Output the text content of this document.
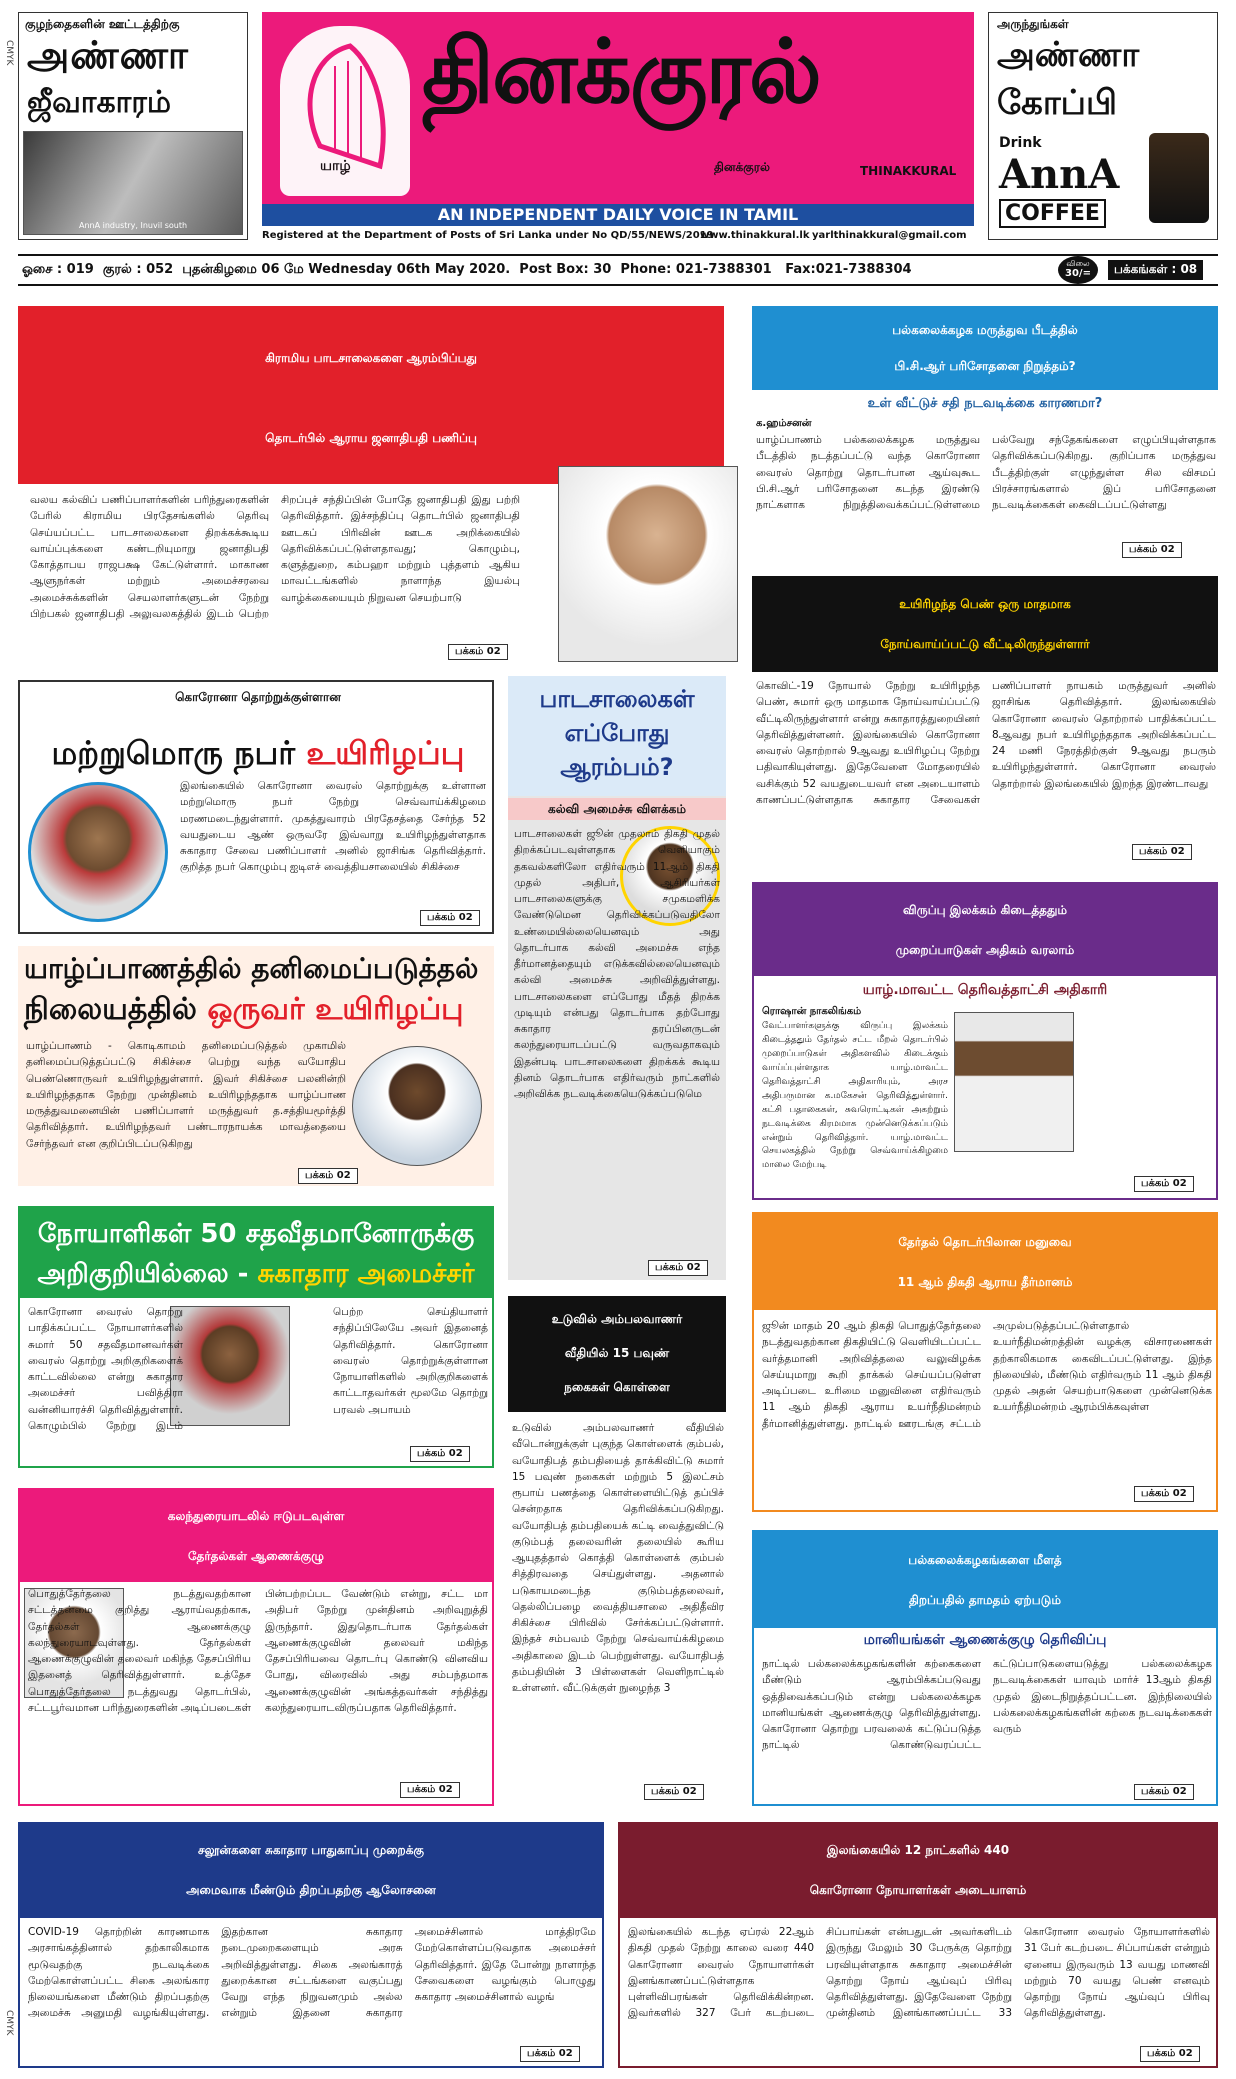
CMYK
CMYK
குழந்தைகளின் ஊட்டத்திற்கு
அண்ணா
ஜீவாகாரம்
AnnA industry, Inuvil south
யாழ்
தினக்குரல்
தினக்குரல்	THINAKKURAL
AN INDEPENDENT DAILY VOICE IN TAMIL
Registered at the Department of Posts of Sri Lanka under No QD/55/NEWS/2019
www.thinakkural.lk yarlthinakkural@gmail.com
அருந்துங்கள்
அண்ணா
கோப்பி
Drink
AnnA
COFFEE
ஓசை : 019  குரல் : 052  புதன்கிழமை 06 மே Wednesday 06th May 2020.  Post Box: 30  Phone: 021-7388301   Fax:021-7388304	விலை
30/=	பக்கங்கள் : 08
கிராமிய பாடசாலைகளை ஆரம்பிப்பது
தொடர்பில் ஆராய ஜனாதிபதி பணிப்பு
வலய கல்விப் பணிப்பாளர்களின் பரிந்துரைகளின் பேரில் கிராமிய பிரதேசங்களில் தெரிவு செய்யப்பட்ட பாடசாலைகளை திறக்கக்கூடிய வாய்ப்புக்களை கண்டறியுமாறு ஜனாதிபதி கோத்தாபய ராஜபக்ஷ கேட்டுள்ளார். மாகாண ஆளுநர்கள் மற்றும் அமைச்சரவை அமைச்சுக்களின் செயலாளர்களுடன் நேற்று பிற்பகல் ஜனாதிபதி அலுவலகத்தில் இடம் பெற்ற சிறப்புச் சந்திப்பின் போதே ஜனாதிபதி இது பற்றி தெரிவித்தார். இச்சந்திப்பு தொடர்பில் ஜனாதிபதி ஊடகப் பிரிவின் ஊடக அறிக்கையில் தெரிவிக்கப்பட்டுள்ளதாவது; கொழும்பு, களுத்துறை, கம்பஹா மற்றும் புத்தளம் ஆகிய மாவட்டங்களில் நாளாந்த இயல்பு வாழ்க்கையையும் நிறுவன செயற்பாடு
பக்கம் 02
பல்கலைக்கழக மருத்துவ பீடத்தில்
பி.சி.ஆர் பரிசோதனை நிறுத்தம்?
உள் வீட்டுச் சதி நடவடிக்கை காரணமா?
க.ஹம்சனன்
யாழ்ப்பாணம் பல்கலைக்கழக மருத்துவ பீடத்தில் நடத்தப்பட்டு வந்த கொரோனா வைரஸ் தொற்று தொடர்பான ஆய்வுகூட பி.சி.ஆர் பரிசோதனை கடந்த இரண்டு நாட்களாக நிறுத்திவைக்கப்பட்டுள்ளமை பல்வேறு சந்தேகங்களை எழுப்பியுள்ளதாக தெரிவிக்கப்படுகிறது. குறிப்பாக மருத்துவ பீடத்திற்குள் எழுந்துள்ள சில விசமப் பிரச்சாரங்களால் இப் பரிசோதனை நடவடிக்கைகள் கைவிடப்பட்டுள்ளது
பக்கம் 02
உயிரிழந்த பெண் ஒரு மாதமாக
நோய்வாய்ப்பட்டு வீட்டிலிருந்துள்ளார்
கொவிட்-19 நோயால் நேற்று உயிரிழந்த பெண், சுமார் ஒரு மாதமாக நோய்வாய்ப்பட்டு வீட்டிலிருந்துள்ளார் என்று சுகாதாரத்துறையினர் தெரிவித்துள்ளனர். இலங்கையில் கொரோனா வைரஸ் தொற்றால் 9ஆவது உயிரிழப்பு நேற்று பதிவாகியுள்ளது. இதேவேளை மோதரையில் வசிக்கும் 52 வயதுடையவர் என அடையாளம் காணப்பட்டுள்ளதாக சுகாதார சேவைகள் பணிப்பாளர் நாயகம் மருத்துவர் அனில் ஜாசிங்க தெரிவித்தார். இலங்கையில் கொரோனா வைரஸ் தொற்றால் பாதிக்கப்பட்ட 8ஆவது நபர் உயிரிழந்ததாக அறிவிக்கப்பட்ட 24 மணி நேரத்திற்குள் 9ஆவது நபரும் உயிரிழந்துள்ளார். கொரோனா வைரஸ் தொற்றால் இலங்கையில் இறந்த இரண்டாவது
பக்கம் 02
கொரோனா தொற்றுக்குள்ளான
மற்றுமொரு நபர் உயிரிழப்பு
இலங்கையில் கொரோனா வைரஸ் தொற்றுக்கு உள்ளான மற்றுமொரு நபர் நேற்று செவ்வாய்க்கிழமை மரணமடைந்துள்ளார். முகத்துவாரம் பிரதேசத்தை சேர்ந்த 52 வயதுடைய ஆண் ஒருவரே இவ்வாறு உயிரிழந்துள்ளதாக சுகாதார சேவை பணிப்பாளர் அனில் ஜாசிங்க தெரிவித்தார். குறித்த நபர் கொழும்பு ஐடிஎச் வைத்தியசாலையில் சிகிச்சை
பக்கம் 02
பாடசாலைகள்
எப்போது
ஆரம்பம்?
கல்வி அமைச்சு விளக்கம்
பாடசாலைகள் ஜூன் முதலாம் திகதி முதல் திறக்கப்படவுள்ளதாக வெளியாகும் தகவல்களிலோ எதிர்வரும் 11ஆம் திகதி முதல் அதிபர், ஆசிரியர்கள் பாடசாலைகளுக்கு சமுகமளிக்க வேண்டுமென தெரிவிக்கப்படுவதிலோ உண்மையில்லையெனவும் அது தொடர்பாக கல்வி அமைச்சு எந்த தீர்மானத்தையும் எடுக்கவில்லையெனவும் கல்வி அமைச்சு அறிவித்துள்ளது. பாடசாலைகளை எப்போது மீதத் திறக்க முடியும் என்பது தொடர்பாக தற்போது சுகாதார தரப்பினருடன் கலந்துரையாடப்பட்டு வருவதாகவும் இதன்படி பாடசாலைகளை திறக்கக் கூடிய தினம் தொடர்பாக எதிர்வரும் நாட்களில் அறிவிக்க நடவடிக்கையெடுக்கப்படுமெ
பக்கம் 02
விருப்பு இலக்கம் கிடைத்ததும்
முறைப்பாடுகள் அதிகம் வரலாம்
யாழ்.மாவட்ட தெரிவத்தாட்சி அதிகாரி
ரொஷான் நாகலிங்கம்
வேட்பாளர்களுக்கு விருப்பு இலக்கம் கிடைத்ததும் தேர்தல் சட்ட மீறல் தொடர்பில் முறைப்பாடுகள் அதிகளவில் கிடைக்கும் வாய்ப்புள்ளதாக யாழ்.மாவட்ட தெரிவத்தாட்சி அதிகாரியும், அரச அதிபருமான க.மகேசன் தெரிவித்துள்ளார். கட்சி பதாகைகள், சுவரொட்டிகள் அகற்றும் நடவடிக்கை கிரமமாக முன்னெடுக்கப்படும் என்றும் தெரிவித்தார். யாழ்.மாவட்ட செயலகத்தில் நேற்று செவ்வாய்க்கிழமை மாலை மேற்படி
பக்கம் 02
யாழ்ப்பாணத்தில் தனிமைப்படுத்தல்
நிலையத்தில் ஒருவர் உயிரிழப்பு
யாழ்ப்பாணம் - கொடிகாமம் தனிமைப்படுத்தல் முகாமில் தனிமைப்படுத்தப்பட்டு சிகிச்சை பெற்று வந்த வயோதிப பெண்ணொருவர் உயிரிழந்துள்ளார். இவர் சிகிச்சை பலனின்றி உயிரிழந்ததாக நேற்று முன்தினம் உயிரிழந்ததாக யாழ்ப்பாண மருத்துவமனையின் பணிப்பாளர் மருத்துவர் த.சத்தியமூர்த்தி தெரிவித்தார். உயிரிழந்தவர் பண்டாரநாயக்க மாவத்தையை சேர்ந்தவர் என குறிப்பிடப்படுகிறது
பக்கம் 02
தேர்தல் தொடர்பிலான மனுவை
11 ஆம் திகதி ஆராய தீர்மானம்
ஜூன் மாதம் 20 ஆம் திகதி பொதுத்தேர்தலை நடத்துவதற்கான திகதியிட்டு வெளியிடப்பட்ட வர்த்தமானி அறிவித்தலை வலுவிழக்க செய்யுமாறு கூறி தாக்கல் செய்யப்படுள்ள அடிப்படை உரிமை மனுவினை எதிர்வரும் 11 ஆம் திகதி ஆராய உயர்நீதிமன்றம் தீர்மானித்துள்ளது. நாட்டில் ஊரடங்கு சட்டம் அமுல்படுத்தப்பட்டுள்ளதால் உயர்நீதிமன்றத்தின் வழக்கு விசாரணைகள் தற்காலிகமாக கைவிடப்பட்டுள்ளது. இந்த நிலையில், மீண்டும் எதிர்வரும் 11 ஆம் திகதி முதல் அதன் செயற்பாடுகளை முன்னெடுக்க உயர்நீதிமன்றம் ஆரம்பிக்கவுள்ள
பக்கம் 02
நோயாளிகள் 50 சதவீதமானோருக்கு
அறிகுறியில்லை - சுகாதார அமைச்சர்
கொரோனா வைரஸ் தொற்று பாதிக்கப்பட்ட நோயாளர்களில் சுமார் 50 சதவீதமானவர்கள் வைரஸ் தொற்று அறிகுறிகளைக் காட்டவில்லை என்று சுகாதார அமைச்சர் பவித்திரா வன்னியாரச்சி தெரிவித்துள்ளார். கொழும்பில் நேற்று இடம் பெற்ற செய்தியாளர் சந்திப்பிலேயே அவர் இதனைத் தெரிவித்தார். கொரோனா வைரஸ் தொற்றுக்குள்ளான நோயாளிகளில் அறிகுறிகளைக் காட்டாதவர்கள் மூலமே தொற்று பரவல் அபாயம்
பக்கம் 02
உடுவில் அம்பலவாணர்
வீதியில் 15 பவுண்
நகைகள் கொள்ளை
உடுவில் அம்பலவாணர் வீதியில் வீடொன்றுக்குள் புகுந்த கொள்ளைக் கும்பல், வயோதிபத் தம்பதியைத் தாக்கிவிட்டு சுமார் 15 பவுண் நகைகள் மற்றும் 5 இலட்சம் ரூபாய் பணத்தை கொள்ளையிட்டுத் தப்பிச் சென்றதாக தெரிவிக்கப்படுகிறது. வயோதிபத் தம்பதியைக் கட்டி வைத்துவிட்டு குடும்பத் தலைவரின் தலையில் கூரிய ஆயுதத்தால் கொத்தி கொள்ளைக் கும்பல் சித்திரவதை செய்துள்ளது. அதனால் படுகாயமடைந்த குடும்பத்தலைவர், தெல்லிப்பழை வைத்தியசாலை அதிதீவிர சிகிச்சை பிரிவில் சேர்க்கப்பட்டுள்ளார். இந்தச் சம்பவம் நேற்று செவ்வாய்க்கிழமை அதிகாலை இடம் பெற்றுள்ளது. வயோதிபத் தம்பதியின் 3 பிள்ளைகள் வெளிநாட்டில் உள்ளனர். வீட்டுக்குள் நுழைந்த 3
பக்கம் 02
கலந்துரையாடலில் ஈடுபடவுள்ள
தேர்தல்கள் ஆணைக்குழு
பொதுத்தேர்தலை நடத்துவதற்கான சட்டத்தன்மை குறித்து ஆராய்வதற்காக, தேர்தல்கள் ஆணைக்குழு கலந்துரையாடவுள்ளது. தேர்தல்கள் ஆணைக்குழுவின் தலைவர் மகிந்த தேசப்பிரிய இதனைத் தெரிவித்துள்ளார். உத்தேச பொதுத்தேர்தலை நடத்துவது தொடர்பில், சட்டபூர்வமான பரிந்துரைகளின் அடிப்படைகள் பின்பற்றப்பட வேண்டும் என்று, சட்ட மா அதிபர் நேற்று முன்தினம் அறிவுறுத்தி இருந்தார். இதுதொடர்பாக தேர்தல்கள் ஆணைக்குழுவின் தலைவர் மகிந்த தேசப்பிரியவை தொடர்பு கொண்டு வினவிய போது, விரைவில் அது சம்பந்தமாக ஆணைக்குழுவின் அங்கத்தவர்கள் சந்தித்து கலந்துரையாடவிருப்பதாக தெரிவித்தார்.
பக்கம் 02
பல்கலைக்கழகங்களை மீளத்
திறப்பதில் தாமதம் ஏற்படும்
மானியங்கள் ஆணைக்குழு தெரிவிப்பு
நாட்டில் பல்கலைக்கழகங்களின் கற்கைகளை மீண்டும் ஆரம்பிக்கப்படுவது ஒத்திவைக்கப்படும் என்று பல்கலைக்கழக மானியங்கள் ஆணைக்குழு தெரிவித்துள்ளது. கொரோனா தொற்று பரவலைக் கட்டுப்படுத்த நாட்டில் கொண்டுவரப்பட்ட கட்டுப்பாடுகளையடுத்து பல்கலைக்கழக நடவடிக்கைகள் யாவும் மார்ச் 13ஆம் திகதி முதல் இடைநிறுத்தப்பட்டன. இந்நிலையில் பல்கலைக்கழகங்களின் கற்கை நடவடிக்கைகள் வரும்
பக்கம் 02
சலூன்களை சுகாதார பாதுகாப்பு முறைக்கு
அமைவாக மீண்டும் திறப்பதற்கு ஆலோசனை
COVID-19 தொற்றின் காரணமாக அரசாங்கத்தினால் தற்காலிகமாக மூடுவதற்கு நடவடிக்கை மேற்கொள்ளப்பட்ட சிகை அலங்கார நிலையங்களை மீண்டும் திறப்பதற்கு அமைச்சு அனுமதி வழங்கியுள்ளது. இதற்கான சுகாதார நடைமுறைகளையும் அரசு அறிவித்துள்ளது. சிகை அலங்காரத் துறைக்கான சட்டங்களை வகுப்பது வேறு எந்த நிறுவனமும் அல்ல என்றும் இதனை சுகாதார அமைச்சினால் மாத்திரமே மேற்கொள்ளப்படுவதாக அமைச்சர் தெரிவித்தார். இதே போன்று நாளாந்த சேவைகளை வழங்கும் பொழுது சுகாதார அமைச்சினால் வழங்
பக்கம் 02
இலங்கையில் 12 நாட்களில் 440
கொரோனா நோயாளர்கள் அடையாளம்
இலங்கையில் கடந்த ஏப்ரல் 22ஆம் திகதி முதல் நேற்று காலை வரை 440 கொரோனா வைரஸ் நோயாளர்கள் இனங்காணப்பட்டுள்ளதாக புள்ளிவிபரங்கள் தெரிவிக்கின்றன. இவர்களில் 327 பேர் கடற்படை சிப்பாய்கள் என்பதுடன் அவர்களிடம் இருந்து மேலும் 30 பேருக்கு தொற்று பரவியுள்ளதாக சுகாதார அமைச்சின் தொற்று நோய் ஆய்வுப் பிரிவு தெரிவித்துள்ளது. இதேவேளை நேற்று முன்தினம் இனங்காணப்பட்ட 33 கொரோனா வைரஸ் நோயாளர்களில் 31 பேர் கடற்படை சிப்பாய்கள் என்றும் ஏனைய இருவரும் 13 வயது மாணவி மற்றும் 70 வயது பெண் எனவும் தொற்று நோய் ஆய்வுப் பிரிவு தெரிவித்துள்ளது.
பக்கம் 02
